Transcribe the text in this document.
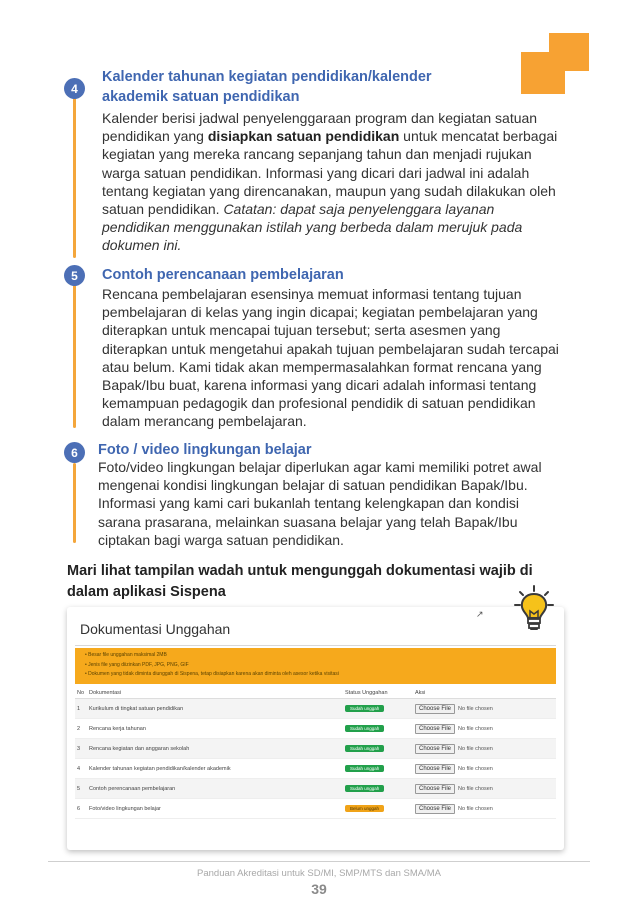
4
Kalender tahunan kegiatan pendidikan/kalender
akademik satuan pendidikan
Kalender berisi jadwal penyelenggaraan program dan kegiatan satuan pendidikan yang disiapkan satuan pendidikan untuk mencatat berbagai kegiatan yang mereka rancang sepanjang tahun dan menjadi rujukan warga satuan pendidikan. Informasi yang dicari dari jadwal ini adalah tentang kegiatan yang direncanakan, maupun yang sudah dilakukan oleh satuan pendidikan. Catatan: dapat saja penyelenggara layanan pendidikan menggunakan istilah yang berbeda dalam merujuk pada dokumen ini.
5	Contoh perencanaan pembelajaran
Rencana pembelajaran esensinya memuat informasi tentang tujuan pembelajaran di kelas yang ingin dicapai; kegiatan pembelajaran yang diterapkan untuk mencapai tujuan tersebut; serta asesmen yang diterapkan untuk mengetahui apakah tujuan pembelajaran sudah tercapai atau belum. Kami tidak akan mempermasalahkan format rencana yang Bapak/Ibu buat, karena informasi yang dicari adalah informasi tentang kemampuan pedagogik dan profesional pendidik di satuan pendidikan dalam merancang pembelajaran.
6	Foto / video lingkungan belajar
Foto/video lingkungan belajar diperlukan agar kami memiliki potret awal mengenai kondisi lingkungan belajar di satuan pendidikan Bapak/Ibu. Informasi yang kami cari bukanlah tentang kelengkapan dan kondisi sarana prasarana, melainkan suasana belajar yang telah Bapak/Ibu ciptakan bagi warga satuan pendidikan.
Mari lihat tampilan wadah untuk mengunggah dokumentasi wajib di dalam aplikasi Sispena
Dokumentasi Unggahan
• Besar file unggahan maksimal 2MB
• Jenis file yang diizinkan PDF, JPG, PNG, GIF
• Dokumen yang tidak diminta diunggah di Sispena, tetap disiapkan karena akan diminta oleh asesor ketika visitasi
No Dokumentasi	Status Unggahan	Aksi
1	Kurikulum di tingkat satuan pendidikan	Sudah unggah	Choose File	No file chosen
2	Rencana kerja tahunan	Sudah unggah	Choose File	No file chosen
3	Rencana kegiatan dan anggaran sekolah	Sudah unggah	Choose File	No file chosen
4	Kalender tahunan kegiatan pendidikan/kalender akademik	Sudah unggah	Choose File	No file chosen
5	Contoh perencanaan pembelajaran	Sudah unggah	Choose File	No file chosen
6	Foto/video lingkungan belajar	Belum unggah	Choose File	No file chosen
↗
Panduan Akreditasi untuk SD/MI, SMP/MTS dan SMA/MA
39
